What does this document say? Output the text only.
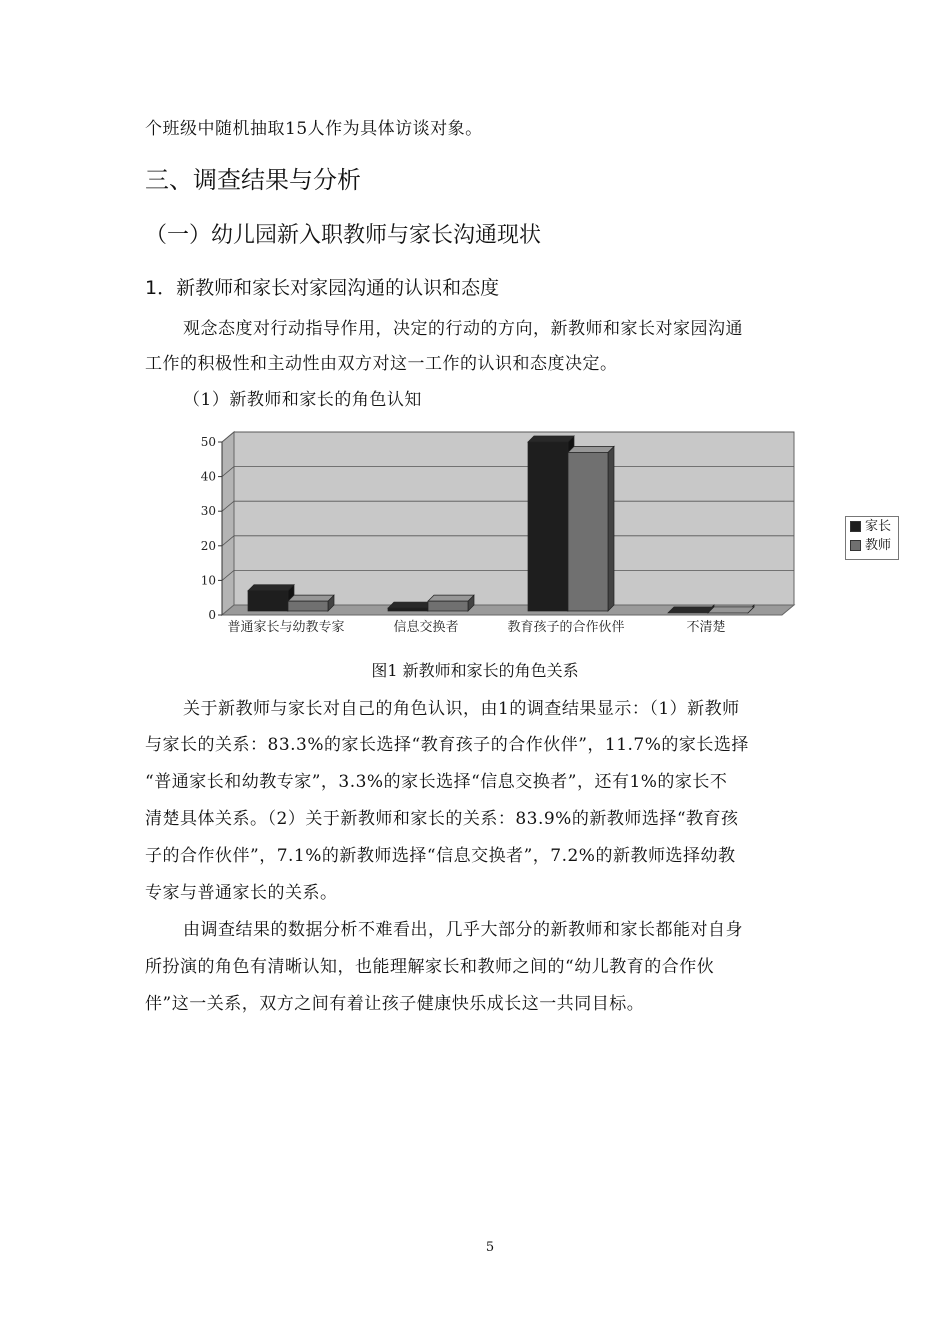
个班级中随机抽取15人作为具体访谈对象。
三、调查结果与分析
（一）幼儿园新入职教师与家长沟通现状
1．新教师和家长对家园沟通的认识和态度
观念态度对行动指导作用，决定的行动的方向，新教师和家长对家园沟通
工作的积极性和主动性由双方对这一工作的认识和态度决定。
（1）新教师和家长的角色认知
0
10
20
30
40
50
普通家长与幼教专家	信息交换者	教育孩子的合作伙伴	不清楚
家长
教师
图1 新教师和家长的角色关系
关于新教师与家长对自己的角色认识，由1的调查结果显示：（1）新教师
与家长的关系：83.3%的家长选择“教育孩子的合作伙伴”，11.7%的家长选择
“普通家长和幼教专家”，3.3%的家长选择“信息交换者”，还有1%的家长不
清楚具体关系。（2）关于新教师和家长的关系：83.9%的新教师选择“教育孩
子的合作伙伴”，7.1%的新教师选择“信息交换者”，7.2%的新教师选择幼教
专家与普通家长的关系。
由调查结果的数据分析不难看出，几乎大部分的新教师和家长都能对自身
所扮演的角色有清晰认知，也能理解家长和教师之间的“幼儿教育的合作伙
伴”这一关系，双方之间有着让孩子健康快乐成长这一共同目标。
5
